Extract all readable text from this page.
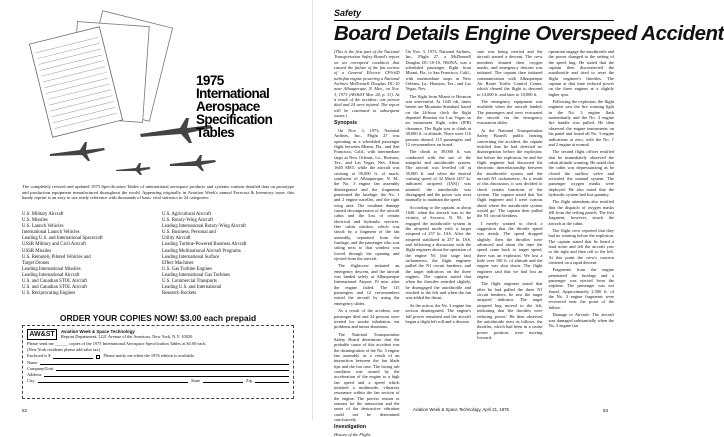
1975
International
Aerospace
Specification
Tables

The completely revised and updated 1975 Specification Tables of international aerospace products and systems contain detailed data on prototype and production equipment manufactured throughout the world. Appearing originally in Aviation Week's annual Forecast & Inventory issue, this handy reprint is an easy to use ready reference with thousands of basic vital statistics in 24 categories:

U.S. Military Aircraft
U.S. Missiles
U.S. Launch Vehicles
International Launch Vehicles
Leading U.S. and International Spacecraft
USSR Military and Civil Aircraft
USSR Missiles
U.S. Remotely Piloted Vehicles and
Target Drones
Leading International Missiles
Leading International Aircraft
U.S. and Canadian STOL Aircraft
U.S. and Canadian STOL Aircraft
U.S. Reciprocating Engines
U.S. Agricultural Aircraft
U.S. Rotary-Wing Aircraft
Leading International Rotary-Wing Aircraft
U.S. Business, Personal and
Utility Aircraft
Leading Turbine-Powered Business Aircraft
Leading Multinational Aircraft Programs
Leading International Surface
Effect Machines
U.S. Gas Turbine Engines
Leading International Gas Turbines
U.S. Commercial Transports
Leading U.S. and International
Research Rockets
ORDER YOUR COPIES NOW! $3.00 each prepaid
AW&ST	Aviation Week & Space Technology
Reprint Department, 1221 Avenue of the Americas, New York, N.Y. 10020
Please send me ______ copies of the 1975 International Aerospace Specification Tables at $3.00 each.
(New York residents please add sales tax)
Enclosed is $	Please notify me when the 1976 edition is available.
Name
Company/Unit
Address
City	State	Zip
62
Safety
Board Details Engine Overspeed Accident

(This is the first part of the National Transportation Safety Board's report on an overspeed condition that caused the failure of the fan section of a General Electric CF6-6D turbofan engine powering a National Airlines McDonnell Douglas DC-10 near Albuquerque, N. Mex., on Nov. 3, 1973 (AW&ST Mar. 24, p. 31). As a result of the accident, one person died and 24 were injured. The report will be continued in subsequent issues.)

Synopsis

On Nov. 3, 1973, National Airlines, Inc., Flight 27 was operating as a scheduled passenger flight between Miami, Fla., and San Francisco, Calif., with intermediate stops at New Orleans, La., Houston, Tex., and Las Vegas, Nev. About 1640 MST, while the aircraft was cruising at 39,000 ft. of mach, southwest of Albuquerque, N. M., the No. 3 engine fan assembly disintegrated and the fragments penetrated the fuselage, the No. 1 and 2 engine nacelles, and the right wing area. The resultant damage caused decompression of the aircraft cabin and the loss of certain electrical and hydraulic services. One cabin window, which was struck by a fragment of the fan assembly, separated from the fuselage, and the passenger who was sitting next to that window was forced through the opening and ejected from the aircraft.

The flightcrew initiated an emergency descent, and the aircraft was landed safely at Albuquerque International Airport 19 min. after the engine failed. The 115 passengers and 12 crewmembers exited the aircraft by using the emergency slides.

As a result of the accident, one passenger died and 24 persons were treated for smoke inhalation, ear problems and minor abrasions.

The National Transportation Safety Board determines that the probable cause of this accident was the disintegration of the No. 3 engine fan assembly as a result of an interaction between the fan blade tips and the fan case. The facing rub condition was caused by the acceleration of the engine to a high fan speed and a speed which initiated a multimode, vibratory resonance within the fan section of the engine. The precise reason or reasons for the interaction and the onset of the destructive vibration could not be determined conclusively.

Investigation

History of the Flight:

On Nov. 3, 1973, National Airlines, Inc., Flight 27, a McDonnell Douglas DC-10-10, N60NA, was a scheduled passenger flight from Miami, Fla., to San Francisco, Calif., with intermediate stops at New Orleans, La., Houston, Tex., and Las Vegas, Nev.

The flight from Miami to Houston was uneventful. At 1445 cdt, times herein are Mountain Standard, based on the 24-hour clock the flight departed Houston for Las Vegas on an instrument flight rules (IFR) clearance. The flight was to climb at 39,000 ft. of altitude. There were 116 persons aboard: 115 passengers and 12 crewmembers on board.

The climb to 39,000 ft. was conducted with the use of the autopilot and autothrottle system. The aircraft was levelled off at 39,000 ft. and when the desired cruising speed of 32 Mach (257 kt. indicated airspeed (IAS)) was attained, the autothrottle was disengaged and the power was reset manually to maintain the speed.

According to the captain, at about 1640, when the aircraft was in the vicinity of Socorro, N. M., he engaged the autothrottle system in the airspeed mode with a target airspeed of 257 kt. IAS. After the airspeed stabilized at 257 kt. IAS, and following a discussion with the flight engineer about the operation of the engine N1 (fan stage fan) tachometers, the flight engineer pulled the N1 circuit breakers, and the target indicators on the three engines. The captain stated that when the throttles retarded slightly, he disengaged the autothrottle and reached to the left and when the fan was added the thrust.

As the action, the No. 3 engine fan section disintegrated. The engine's full power remained and the aircraft began a slight left roll and a descent.

sure was being exerted and the aircraft started a descent. The crew members donned their oxygen masks, and emergency descent was initiated. The captain then initiated communication with Albuquerque Air Route Traffic Control Center, which cleared the flight to descend to 14,000 ft. and later to 10,000 ft.

The emergency equipment was available when the aircraft landed. The passengers and crew evacuated the aircraft via the emergency evacuation slides.

At the National Transportation Safety Board's public hearing concerning the accident, the captain testified that he had detected no disintegration before the explosion; but before the explosion, he and the flight engineer had discussed the electronic interrelationship between the autothrottle system and the aircraft N1 tachometers. As a result of this discussion, it was decided to check certain functions of the system. The captain stated that 'the flight engineer and I were curious about where the autothrottle system would go.' The captain then pulled the N1 circuit breakers.

I merely wanted to check a suggestion that the throttle speed was steady. The speed dropped slightly; then the throttles were advanced and about the time the speed came back to target speed, there was an explosion. We lost a little over 100 ft. of altitude and the engine was shut down. The flight engineer said that we had lost an engine.

The flight engineer stated that after he had pulled the three N1 circuit breakers, he saw the target airspeed indicator. The target airspeed bug moved to the left, indicating that 'the throttles were reducing power.' He then observed the autothrottle react as follows: the throttles, which had been in a cruise power position, were moving forward.

operation engage the autothrottle and the power changed to the setting of the speed bug. He stated that the captain then disconnected the autothrottle and tried to reset the flight engineer's throttles. The captain at that time reduced power on the three engines at a slightly higher rpm.

Following the explosion, the flight engineer saw the fire warning light in the No. 3 engine flash momentarily and the No. 3 engine fire handle was pulled. He then observed the engine instruments on his panel and found all No. 3 engine indications at zero, with the No. 1 and 2 engine at normal.

The second flight officer testified that he immediately observed the cabin altitude warning. He noted that the cabin was depressurizing as he closed the outflow valve and activated the manual system. The passenger oxygen masks were deployed. He also noted that the hydraulic system had lost quantity.

The flight attendants also testified that the dispatch of oxygen masks fell from the ceiling panels. The first fragment, however, struck the aircraft at the cabin.

The flight crew reported that they had no warning before the explosion. The captain stated that he heard a loud noise and felt the aircraft yaw to the right and then roll to the left. At this point the crew's concern centered on a rapid descent.

Fragments from the engine penetrated the fuselage and a passenger was ejected from the airplane. The passenger was not found. Approximately 2,500 ft. of the No. 3 engine fragments were recovered near the point of the failure.

Damage to Aircraft: The aircraft was damaged substantially when the No. 3 engine fan

Aviation Week & Space Technology, April 21, 1975	63
